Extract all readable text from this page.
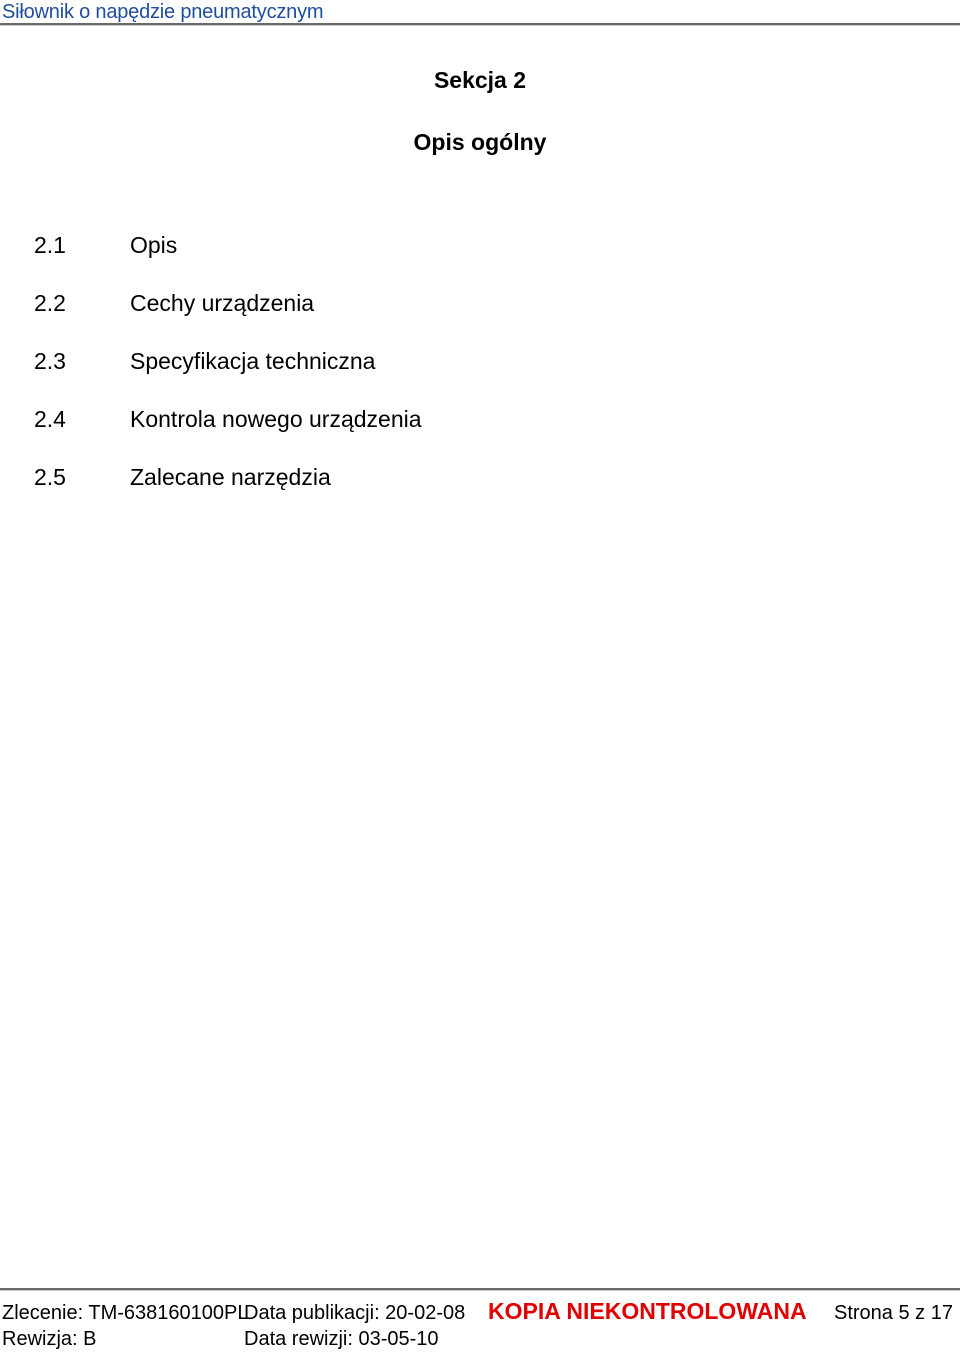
Siłownik o napędzie pneumatycznym
Sekcja 2
Opis ogólny
2.1	Opis
2.2	Cechy urządzenia
2.3	Specyfikacja techniczna
2.4	Kontrola nowego urządzenia
2.5	Zalecane narzędzia
Zlecenie: TM-638160100PL
Rewizja: B
Data publikacji: 20-02-08
Data rewizji: 03-05-10
KOPIA NIEKONTROLOWANA Strona 5 z 17
